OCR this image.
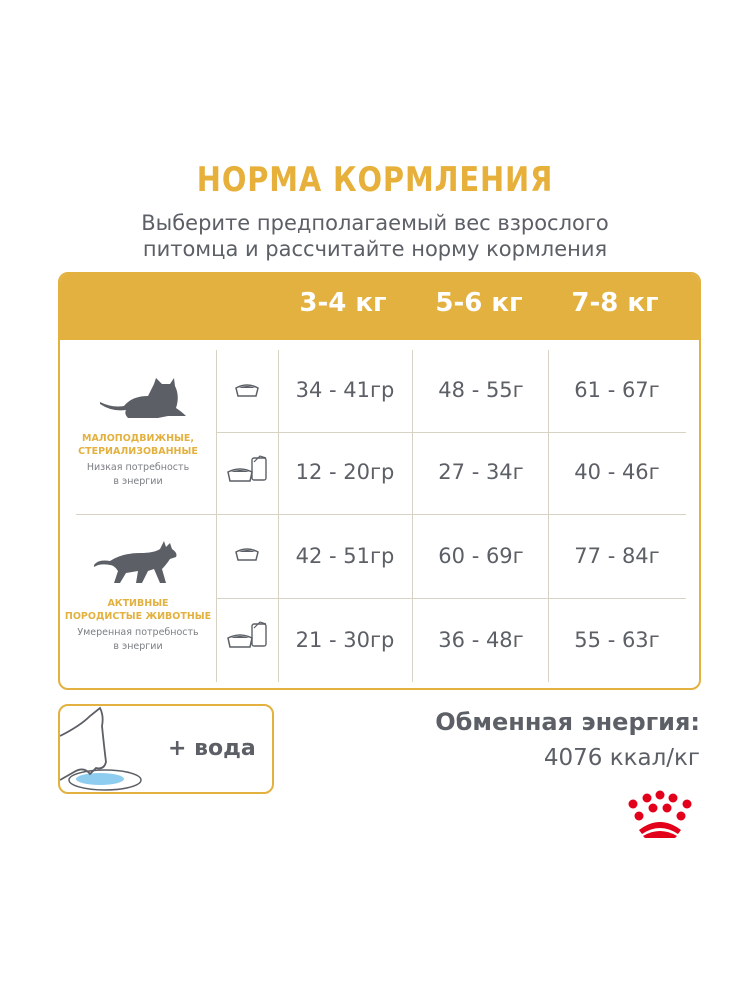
НОРМА КОРМЛЕНИЯ
Выберите предполагаемый вес взрослого
питомца и рассчитайте норму кормления
3-4 кг	5-6 кг	7-8 кг
МАЛОПОДВИЖНЫЕ,
СТЕРИАЛИЗОВАННЫЕ
Низкая потребность
в энергии
34 - 41гр	48 - 55г	61 - 67г
12 - 20гр	27 - 34г	40 - 46г
АКТИВНЫЕ
ПОРОДИСТЫЕ ЖИВОТНЫЕ
Умеренная потребность
в энергии
42 - 51гр	60 - 69г	77 - 84г
21 - 30гр	36 - 48г	55 - 63г
+ вода
Обменная энергия:
4076 ккал/кг
